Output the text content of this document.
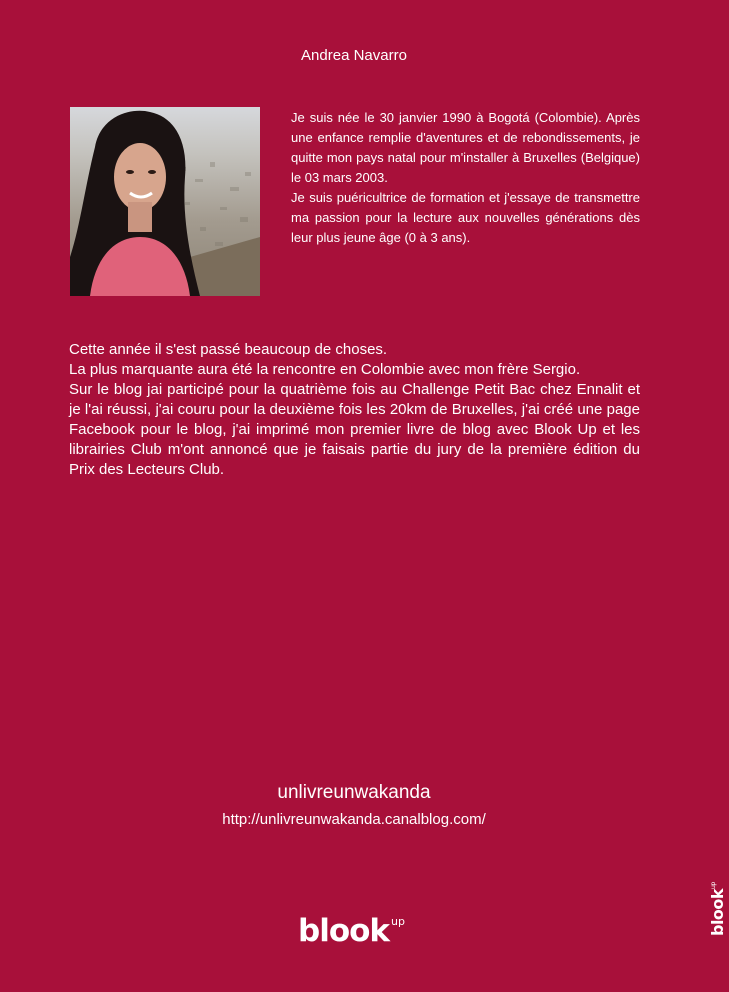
Andrea Navarro

Je suis née le 30 janvier 1990 à Bogotá (Colombie). Après une enfance remplie d'aventures et de rebondissements, je quitte mon pays natal pour m'installer à Bruxelles (Belgique) le 03 mars 2003.

Je suis puéricultrice de formation et j'essaye de transmettre ma passion pour la lecture aux nouvelles générations dès leur plus jeune âge (0 à 3 ans).

Cette année il s'est passé beaucoup de choses.

La plus marquante aura été la rencontre en Colombie avec mon frère Sergio.

Sur le blog jai participé pour la quatrième fois au Challenge Petit Bac chez Ennalit et je l'ai réussi, j'ai couru pour la deuxième fois les 20km de Bruxelles, j'ai créé une page Facebook pour le blog, j'ai imprimé mon premier livre de blog avec Blook Up et les librairies Club m'ont annoncé que je faisais partie du jury de la première édition du Prix des Lecteurs Club.

unlivreunwakanda
http://unlivreunwakanda.canalblog.com/
blook $^{up}$	blook$^{up}$
